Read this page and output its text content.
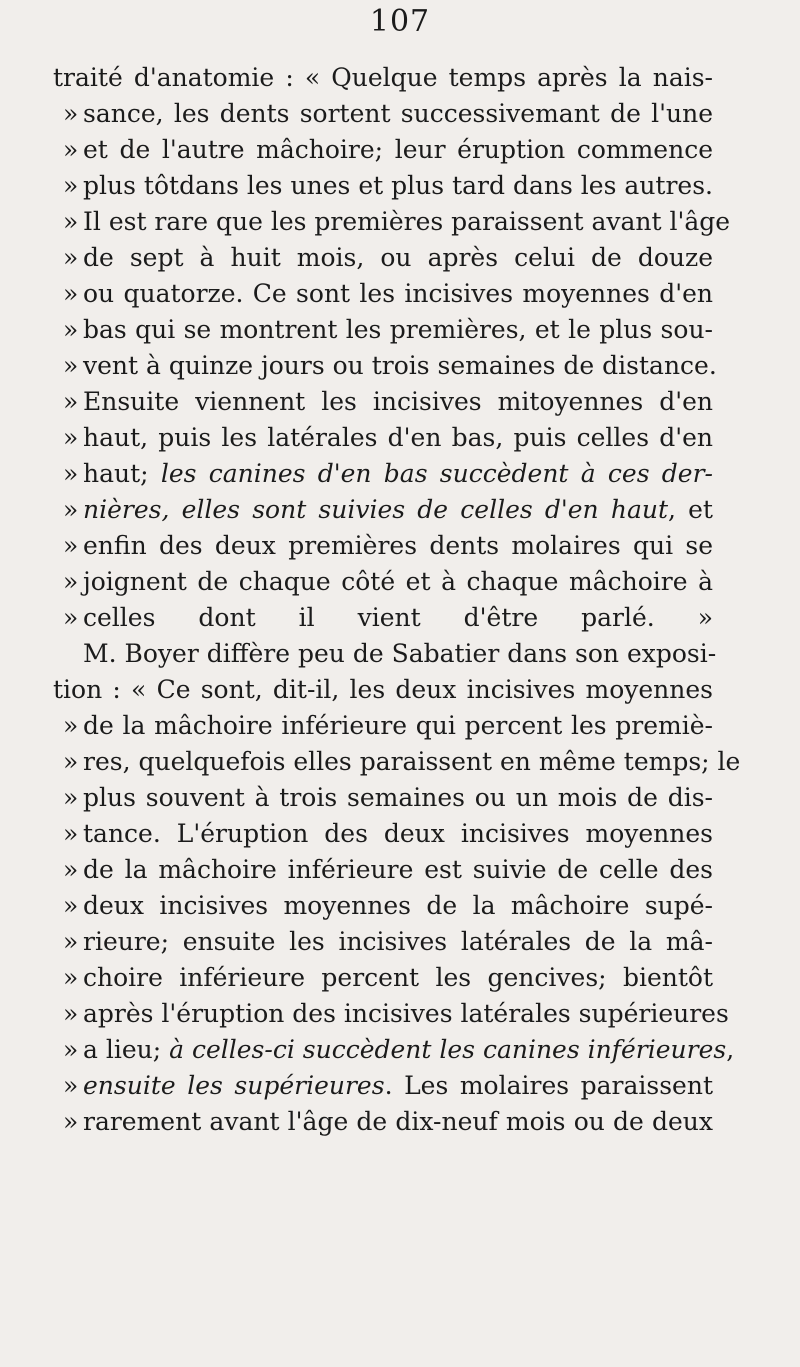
107
traité d'anatomie : « Quelque temps après la nais-
» sance, les dents sortent successivemant de l'une
» et de l'autre mâchoire; leur éruption commence
» plus tôtdans les unes et plus tard dans les autres.
» Il est rare que les premières paraissent avant l'âge
» de sept à huit mois, ou après celui de douze
» ou quatorze. Ce sont les incisives moyennes d'en
» bas qui se montrent les premières, et le plus sou-
» vent à quinze jours ou trois semaines de distance.
» Ensuite viennent les incisives mitoyennes d'en
» haut, puis les latérales d'en bas, puis celles d'en
» haut; les canines d'en bas succèdent à ces der-
» nières, elles sont suivies de celles d'en haut, et
» enfin des deux premières dents molaires qui se
» joignent de chaque côté et à chaque mâchoire à
» celles dont il vient d'être parlé. »
M. Boyer diffère peu de Sabatier dans son exposi-
tion : « Ce sont, dit-il, les deux incisives moyennes
» de la mâchoire inférieure qui percent les premiè-
» res, quelquefois elles paraissent en même temps; le
» plus souvent à trois semaines ou un mois de dis-
» tance. L'éruption des deux incisives moyennes
» de la mâchoire inférieure est suivie de celle des
» deux incisives moyennes de la mâchoire supé-
» rieure; ensuite les incisives latérales de la mâ-
» choire inférieure percent les gencives; bientôt
» après l'éruption des incisives latérales supérieures
» a lieu; à celles-ci succèdent les canines inférieures,
» ensuite les supérieures. Les molaires paraissent
» rarement avant l'âge de dix-neuf mois ou de deux
